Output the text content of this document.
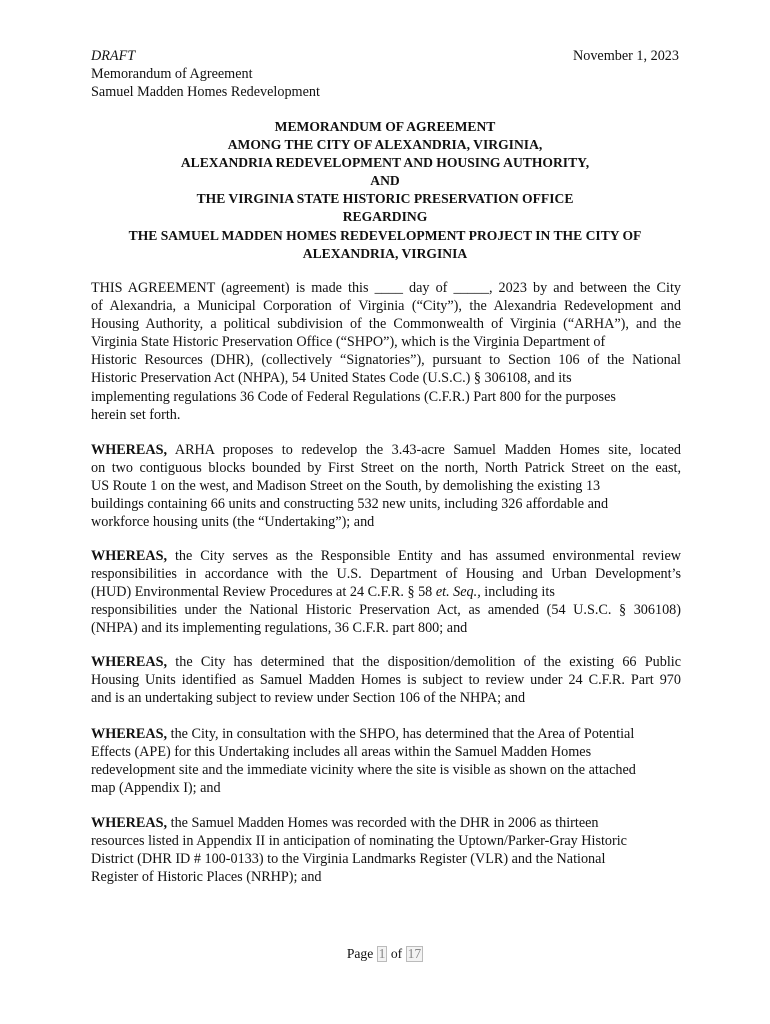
DRAFT
Memorandum of Agreement
Samuel Madden Homes Redevelopment
November 1, 2023
MEMORANDUM OF AGREEMENT
AMONG THE CITY OF ALEXANDRIA, VIRGINIA,
ALEXANDRIA REDEVELOPMENT AND HOUSING AUTHORITY,
AND
THE VIRGINIA STATE HISTORIC PRESERVATION OFFICE
REGARDING
THE SAMUEL MADDEN HOMES REDEVELOPMENT PROJECT IN THE CITY OF
ALEXANDRIA, VIRGINIA
THIS AGREEMENT (agreement) is made this ____ day of _____, 2023 by and between the City
of Alexandria, a Municipal Corporation of Virginia (“City”), the Alexandria Redevelopment and
Housing Authority, a political subdivision of the Commonwealth of Virginia (“ARHA”), and the
Virginia State Historic Preservation Office (“SHPO”), which is the Virginia Department of
Historic Resources (DHR), (collectively “Signatories”), pursuant to Section 106 of the National
Historic Preservation Act (NHPA), 54 United States Code (U.S.C.) § 306108, and its
implementing regulations 36 Code of Federal Regulations (C.F.R.) Part 800 for the purposes
herein set forth.
WHEREAS, ARHA proposes to redevelop the 3.43-acre Samuel Madden Homes site, located
on two contiguous blocks bounded by First Street on the north, North Patrick Street on the east,
US Route 1 on the west, and Madison Street on the South, by demolishing the existing 13
buildings containing 66 units and constructing 532 new units, including 326 affordable and
workforce housing units (the “Undertaking”); and
WHEREAS, the City serves as the Responsible Entity and has assumed environmental review
responsibilities in accordance with the U.S. Department of Housing and Urban Development’s
(HUD) Environmental Review Procedures at 24 C.F.R. § 58 et. Seq., including its
responsibilities under the National Historic Preservation Act, as amended (54 U.S.C. § 306108)
(NHPA) and its implementing regulations, 36 C.F.R. part 800; and
WHEREAS, the City has determined that the disposition/demolition of the existing 66 Public
Housing Units identified as Samuel Madden Homes is subject to review under 24 C.F.R. Part 970
and is an undertaking subject to review under Section 106 of the NHPA; and
WHEREAS, the City, in consultation with the SHPO, has determined that the Area of Potential
Effects (APE) for this Undertaking includes all areas within the Samuel Madden Homes
redevelopment site and the immediate vicinity where the site is visible as shown on the attached
map (Appendix I); and
WHEREAS, the Samuel Madden Homes was recorded with the DHR in 2006 as thirteen
resources listed in Appendix II in anticipation of nominating the Uptown/Parker-Gray Historic
District (DHR ID # 100-0133) to the Virginia Landmarks Register (VLR) and the National
Register of Historic Places (NRHP); and
Page 1 of 17
